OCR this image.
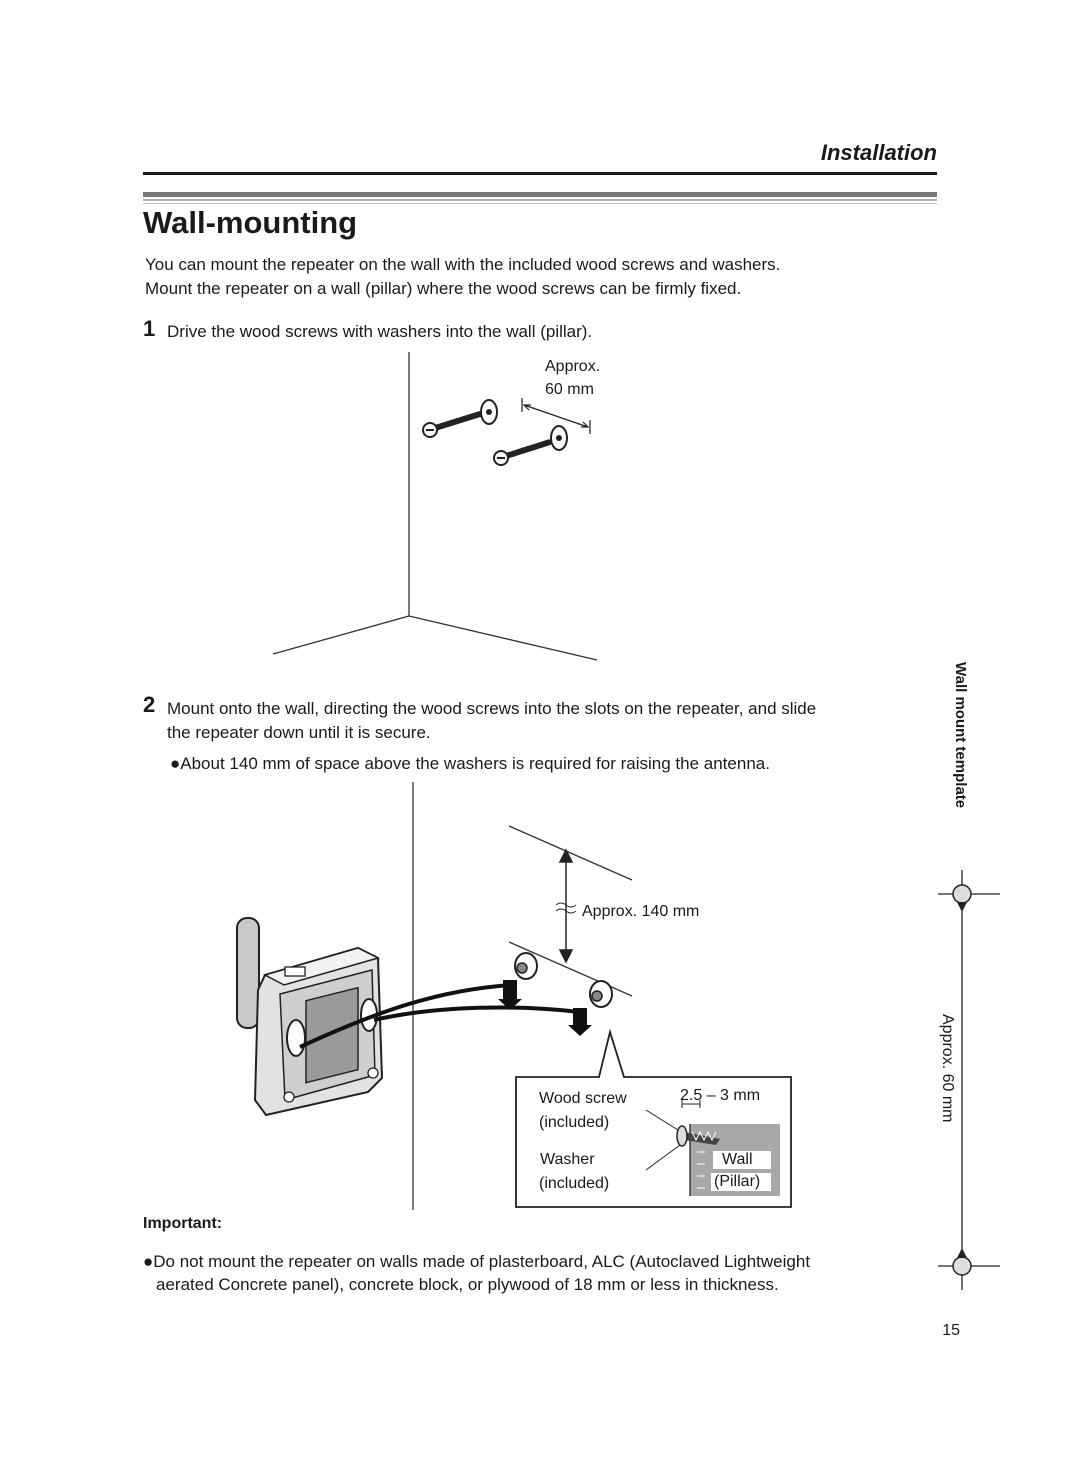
Installation
Wall-mounting
You can mount the repeater on the wall with the included wood screws and washers.
Mount the repeater on a wall (pillar) where the wood screws can be firmly fixed.
1 Drive the wood screws with washers into the wall (pillar).
2 Mount onto the wall, directing the wood screws into the slots on the repeater, and slide
the repeater down until it is secure.
●About 140 mm of space above the washers is required for raising the antenna.
Approx.
60 mm
Approx. 140 mm
Wood screw
(included)
Washer
(included)
2.5 – 3 mm
Wall
(Pillar)
Wall mount template
Approx. 60 mm
Important:
●Do not mount the repeater on walls made of plasterboard, ALC (Autoclaved Lightweight
aerated Concrete panel), concrete block, or plywood of 18 mm or less in thickness.
15
